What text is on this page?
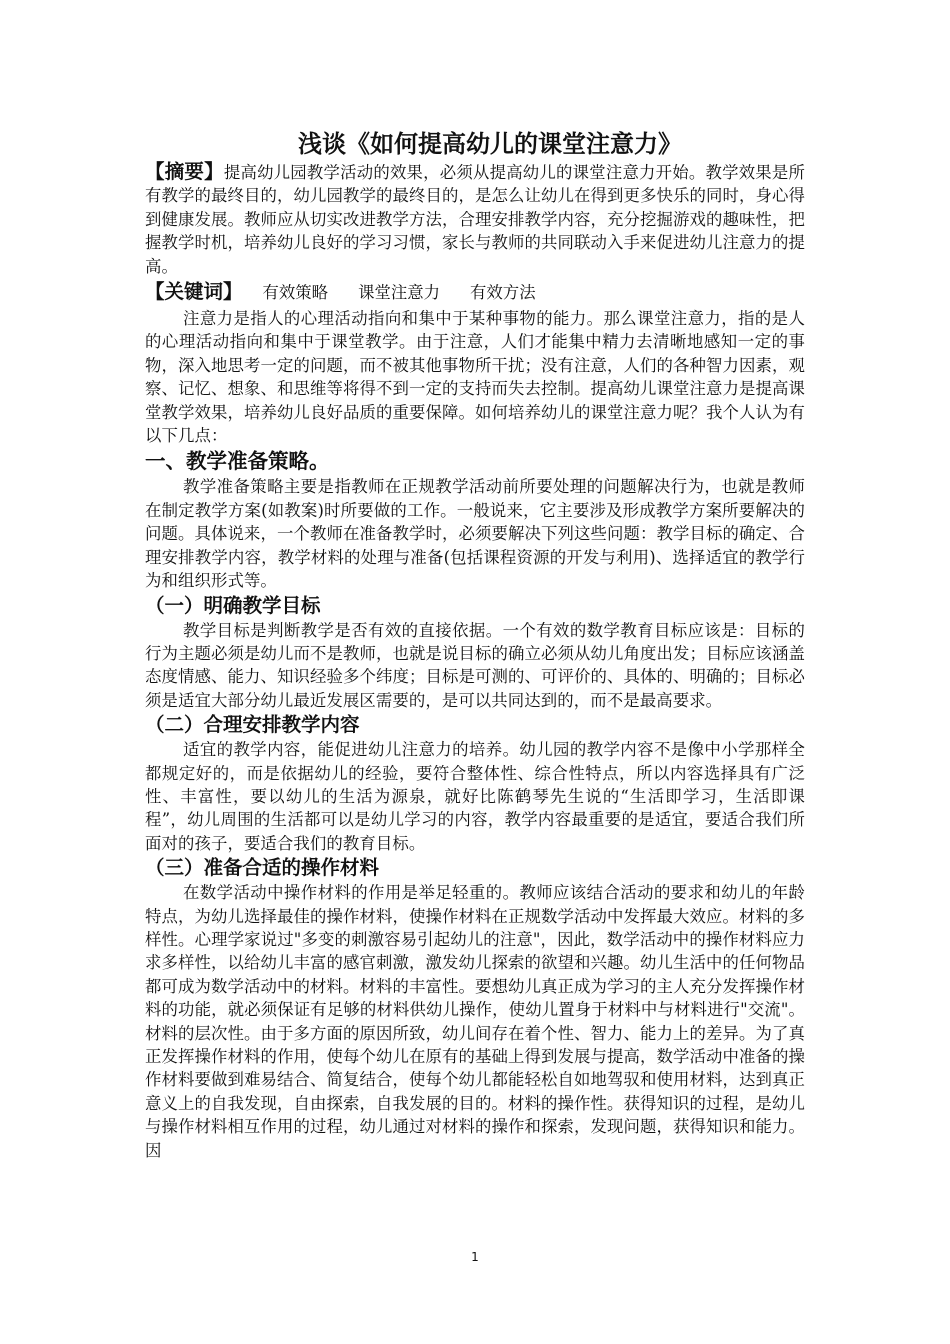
浅谈《如何提高幼儿的课堂注意力》

【摘要】提高幼儿园教学活动的效果，必须从提高幼儿的课堂注意力开始。教学效果是所有教学的最终目的，幼儿园教学的最终目的，是怎么让幼儿在得到更多快乐的同时，身心得到健康发展。教师应从切实改进教学方法，合理安排教学内容，充分挖掘游戏的趣味性，把握教学时机，培养幼儿良好的学习习惯，家长与教师的共同联动入手来促进幼儿注意力的提高。

【关键词】 有效策略 课堂注意力 有效方法

注意力是指人的心理活动指向和集中于某种事物的能力。那么课堂注意力，指的是人的心理活动指向和集中于课堂教学。由于注意，人们才能集中精力去清晰地感知一定的事物，深入地思考一定的问题，而不被其他事物所干扰；没有注意，人们的各种智力因素，观察、记忆、想象、和思维等将得不到一定的支持而失去控制。提高幼儿课堂注意力是提高课堂教学效果，培养幼儿良好品质的重要保障。如何培养幼儿的课堂注意力呢？我个人认为有以下几点：

一、教学准备策略。

教学准备策略主要是指教师在正规教学活动前所要处理的问题解决行为，也就是教师在制定教学方案(如教案)时所要做的工作。一般说来，它主要涉及形成教学方案所要解决的问题。具体说来，一个教师在准备教学时，必须要解决下列这些问题：教学目标的确定、合理安排教学内容，教学材料的处理与准备(包括课程资源的开发与利用)、选择适宜的教学行为和组织形式等。

（一）明确教学目标

教学目标是判断教学是否有效的直接依据。一个有效的数学教育目标应该是：目标的行为主题必须是幼儿而不是教师，也就是说目标的确立必须从幼儿角度出发；目标应该涵盖态度情感、能力、知识经验多个纬度；目标是可测的、可评价的、具体的、明确的；目标必须是适宜大部分幼儿最近发展区需要的，是可以共同达到的，而不是最高要求。

（二）合理安排教学内容

适宜的教学内容，能促进幼儿注意力的培养。幼儿园的教学内容不是像中小学那样全都规定好的，而是依据幼儿的经验，要符合整体性、综合性特点，所以内容选择具有广泛性、丰富性，要以幼儿的生活为源泉，就好比陈鹤琴先生说的“生活即学习，生活即课程”，幼儿周围的生活都可以是幼儿学习的内容，教学内容最重要的是适宜，要适合我们所面对的孩子，要适合我们的教育目标。

（三）准备合适的操作材料

在数学活动中操作材料的作用是举足轻重的。教师应该结合活动的要求和幼儿的年龄特点，为幼儿选择最佳的操作材料，使操作材料在正规数学活动中发挥最大效应。材料的多样性。心理学家说过"多变的刺激容易引起幼儿的注意"，因此，数学活动中的操作材料应力求多样性，以给幼儿丰富的感官刺激，激发幼儿探索的欲望和兴趣。幼儿生活中的任何物品都可成为数学活动中的材料。材料的丰富性。要想幼儿真正成为学习的主人充分发挥操作材料的功能，就必须保证有足够的材料供幼儿操作，使幼儿置身于材料中与材料进行"交流"。材料的层次性。由于多方面的原因所致，幼儿间存在着个性、智力、能力上的差异。为了真正发挥操作材料的作用，使每个幼儿在原有的基础上得到发展与提高，数学活动中准备的操作材料要做到难易结合、简复结合，使每个幼儿都能轻松自如地驾驭和使用材料，达到真正意义上的自我发现，自由探索，自我发展的目的。材料的操作性。获得知识的过程，是幼儿与操作材料相互作用的过程，幼儿通过对材料的操作和探索，发现问题，获得知识和能力。因

1
